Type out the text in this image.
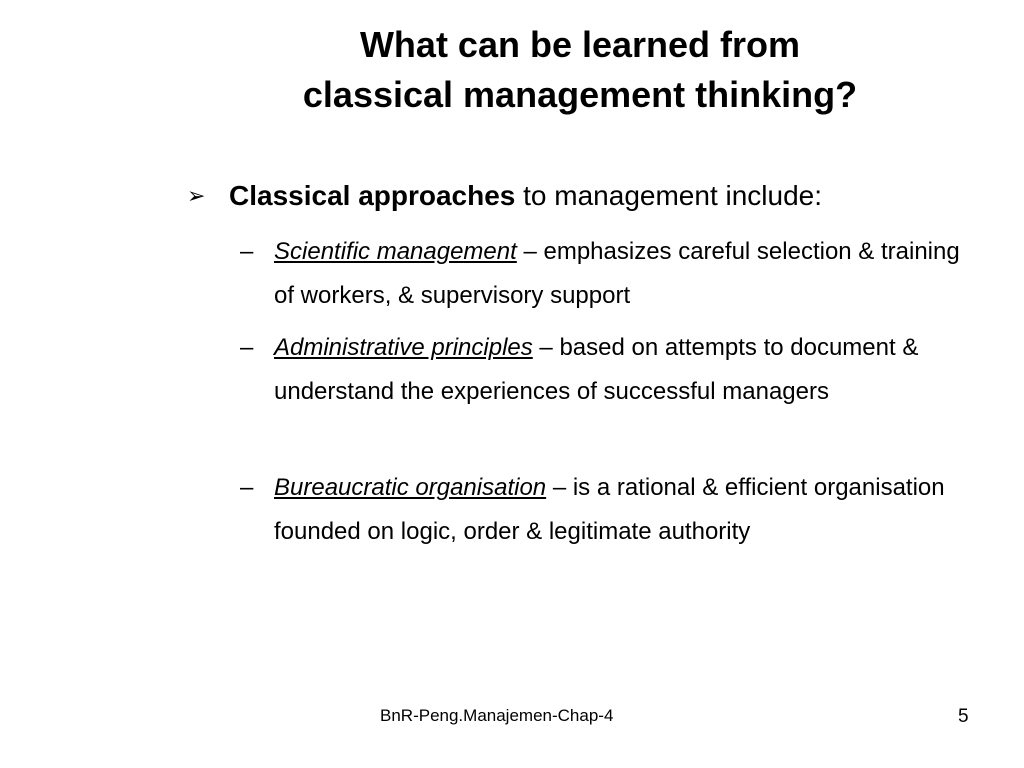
What can be learned from
classical management thinking?
➢ Classical approaches to management include:
– Scientific management – emphasizes careful selection & training of workers, & supervisory support
– Administrative principles – based on attempts to document & understand the experiences of successful managers
– Bureaucratic organisation – is a rational & efficient organisation founded on logic, order & legitimate authority
BnR-Peng.Manajemen-Chap-4	5
